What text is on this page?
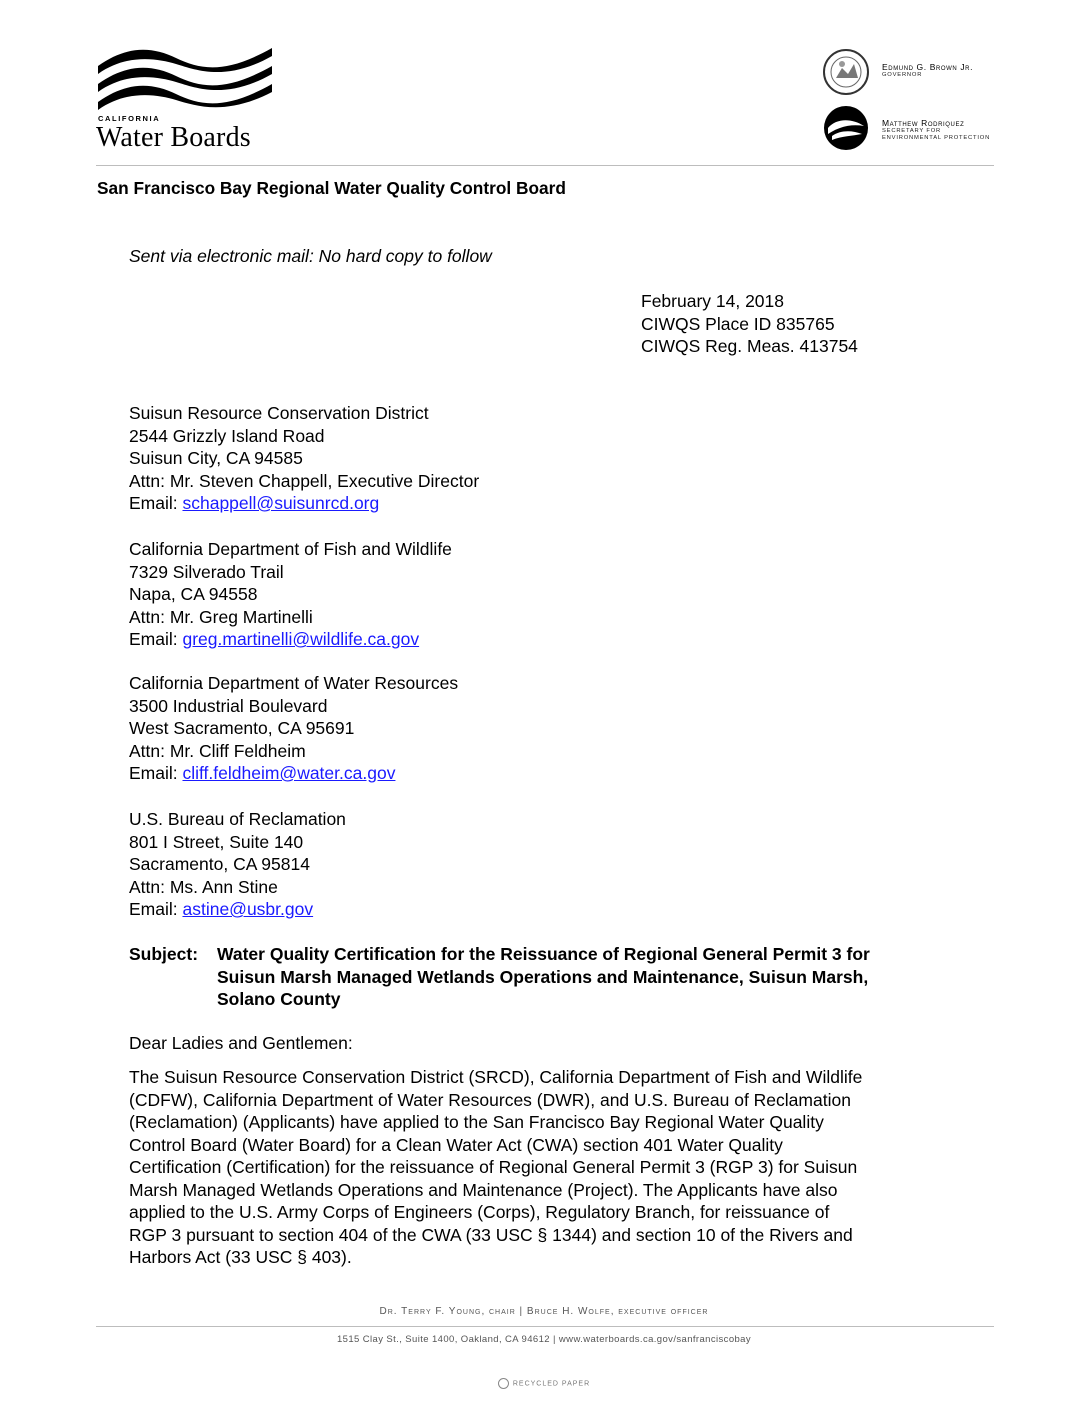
CALIFORNIA
Water Boards
Edmund G. Brown Jr.
GOVERNOR
Matthew Rodriquez
SECRETARY FOR
ENVIRONMENTAL PROTECTION
San Francisco Bay Regional Water Quality Control Board
Sent via electronic mail: No hard copy to follow
February 14, 2018
CIWQS Place ID 835765
CIWQS Reg. Meas. 413754
Suisun Resource Conservation District
2544 Grizzly Island Road
Suisun City, CA 94585
Attn: Mr. Steven Chappell, Executive Director
Email: schappell@suisunrcd.org
California Department of Fish and Wildlife
7329 Silverado Trail
Napa, CA 94558
Attn: Mr. Greg Martinelli
Email: greg.martinelli@wildlife.ca.gov
California Department of Water Resources
3500 Industrial Boulevard
West Sacramento, CA 95691
Attn: Mr. Cliff Feldheim
Email: cliff.feldheim@water.ca.gov
U.S. Bureau of Reclamation
801 I Street, Suite 140
Sacramento, CA 95814
Attn: Ms. Ann Stine
Email: astine@usbr.gov
Subject: Water Quality Certification for the Reissuance of Regional General Permit 3 for
Suisun Marsh Managed Wetlands Operations and Maintenance, Suisun Marsh,
Solano County
Dear Ladies and Gentlemen:
The Suisun Resource Conservation District (SRCD), California Department of Fish and Wildlife
(CDFW), California Department of Water Resources (DWR), and U.S. Bureau of Reclamation
(Reclamation) (Applicants) have applied to the San Francisco Bay Regional Water Quality
Control Board (Water Board) for a Clean Water Act (CWA) section 401 Water Quality
Certification (Certification) for the reissuance of Regional General Permit 3 (RGP 3) for Suisun
Marsh Managed Wetlands Operations and Maintenance (Project). The Applicants have also
applied to the U.S. Army Corps of Engineers (Corps), Regulatory Branch, for reissuance of
RGP 3 pursuant to section 404 of the CWA (33 USC § 1344) and section 10 of the Rivers and
Harbors Act (33 USC § 403).
Dr. Terry F. Young, chair | Bruce H. Wolfe, executive officer
1515 Clay St., Suite 1400, Oakland, CA 94612 | www.waterboards.ca.gov/sanfranciscobay
RECYCLED PAPER
